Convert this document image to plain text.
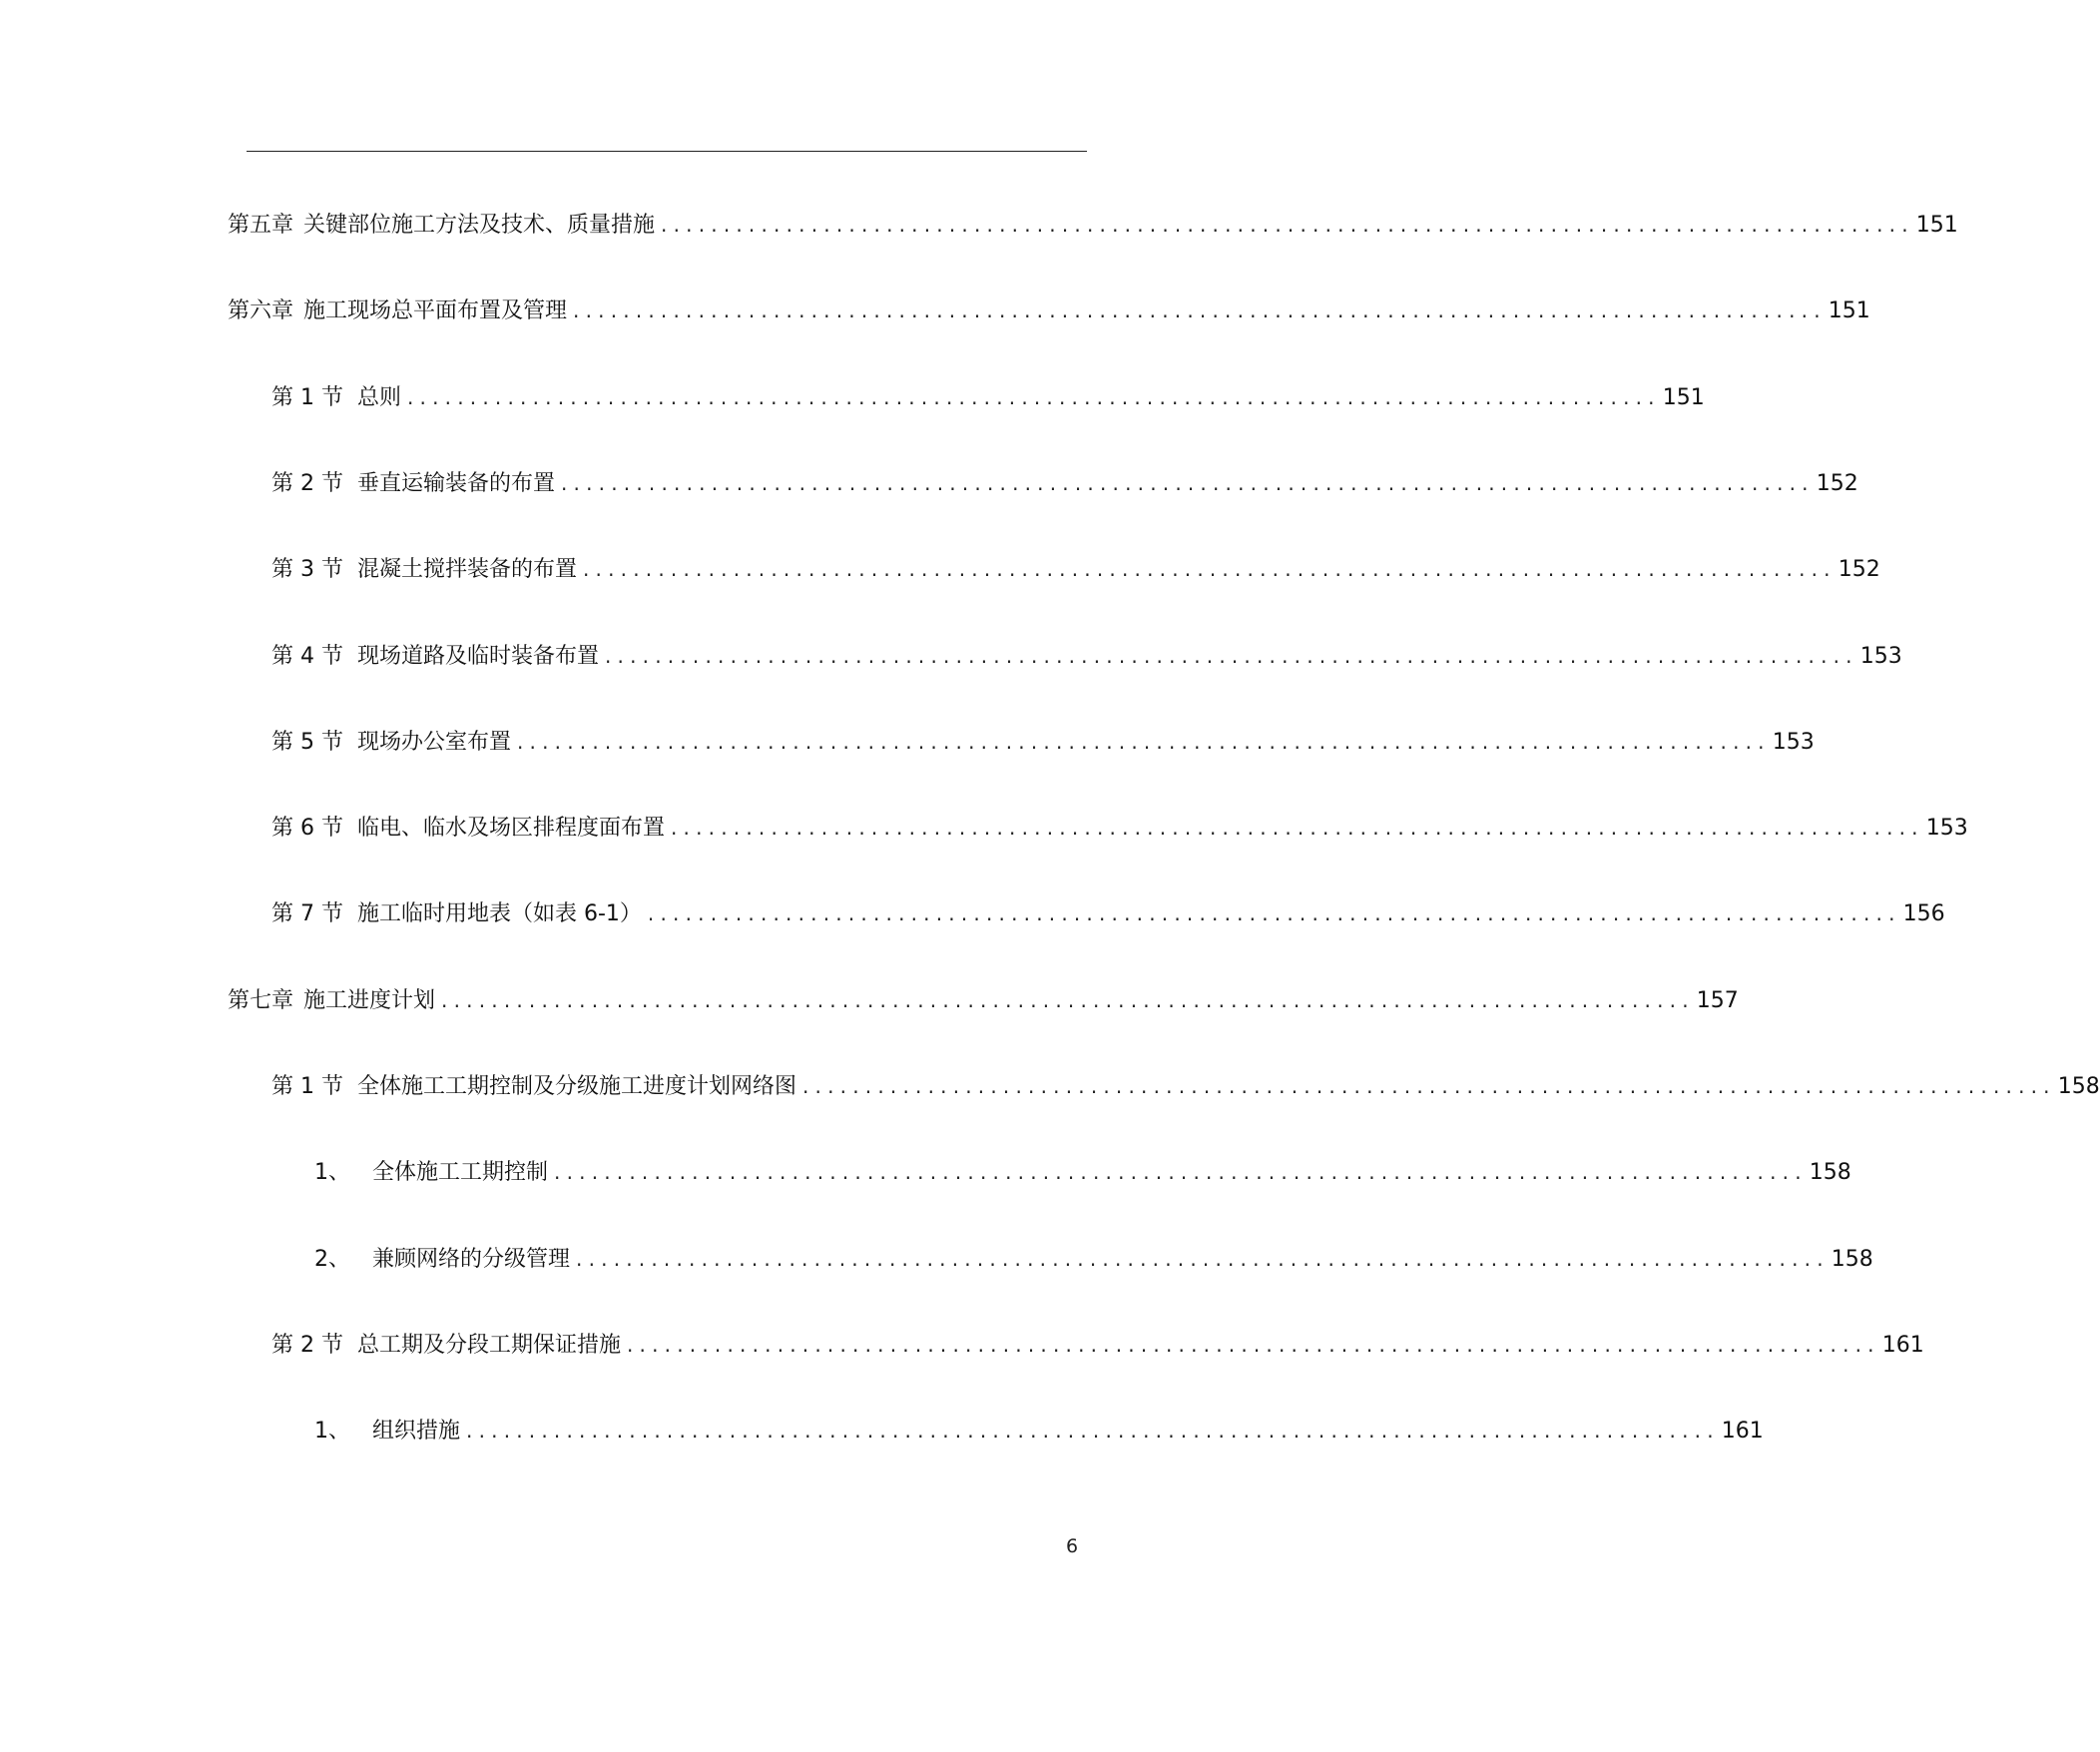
第五章 关键部位施工方法及技术、质量措施 .................................................................................................... 151
第六章 施工现场总平面布置及管理 .................................................................................................... 151
第 1 节 总则 .................................................................................................... 151
第 2 节 垂直运输装备的布置 .................................................................................................... 152
第 3 节 混凝土搅拌装备的布置 .................................................................................................... 152
第 4 节 现场道路及临时装备布置 .................................................................................................... 153
第 5 节 现场办公室布置 .................................................................................................... 153
第 6 节 临电、临水及场区排程度面布置 .................................................................................................... 153
第 7 节 施工临时用地表（如表 6-1） .................................................................................................... 156
第七章 施工进度计划 .................................................................................................... 157
第 1 节 全体施工工期控制及分级施工进度计划网络图 .................................................................................................... 158
1、 全体施工工期控制 .................................................................................................... 158
2、 兼顾网络的分级管理 .................................................................................................... 158
第 2 节 总工期及分段工期保证措施 .................................................................................................... 161
1、 组织措施 .................................................................................................... 161
6
